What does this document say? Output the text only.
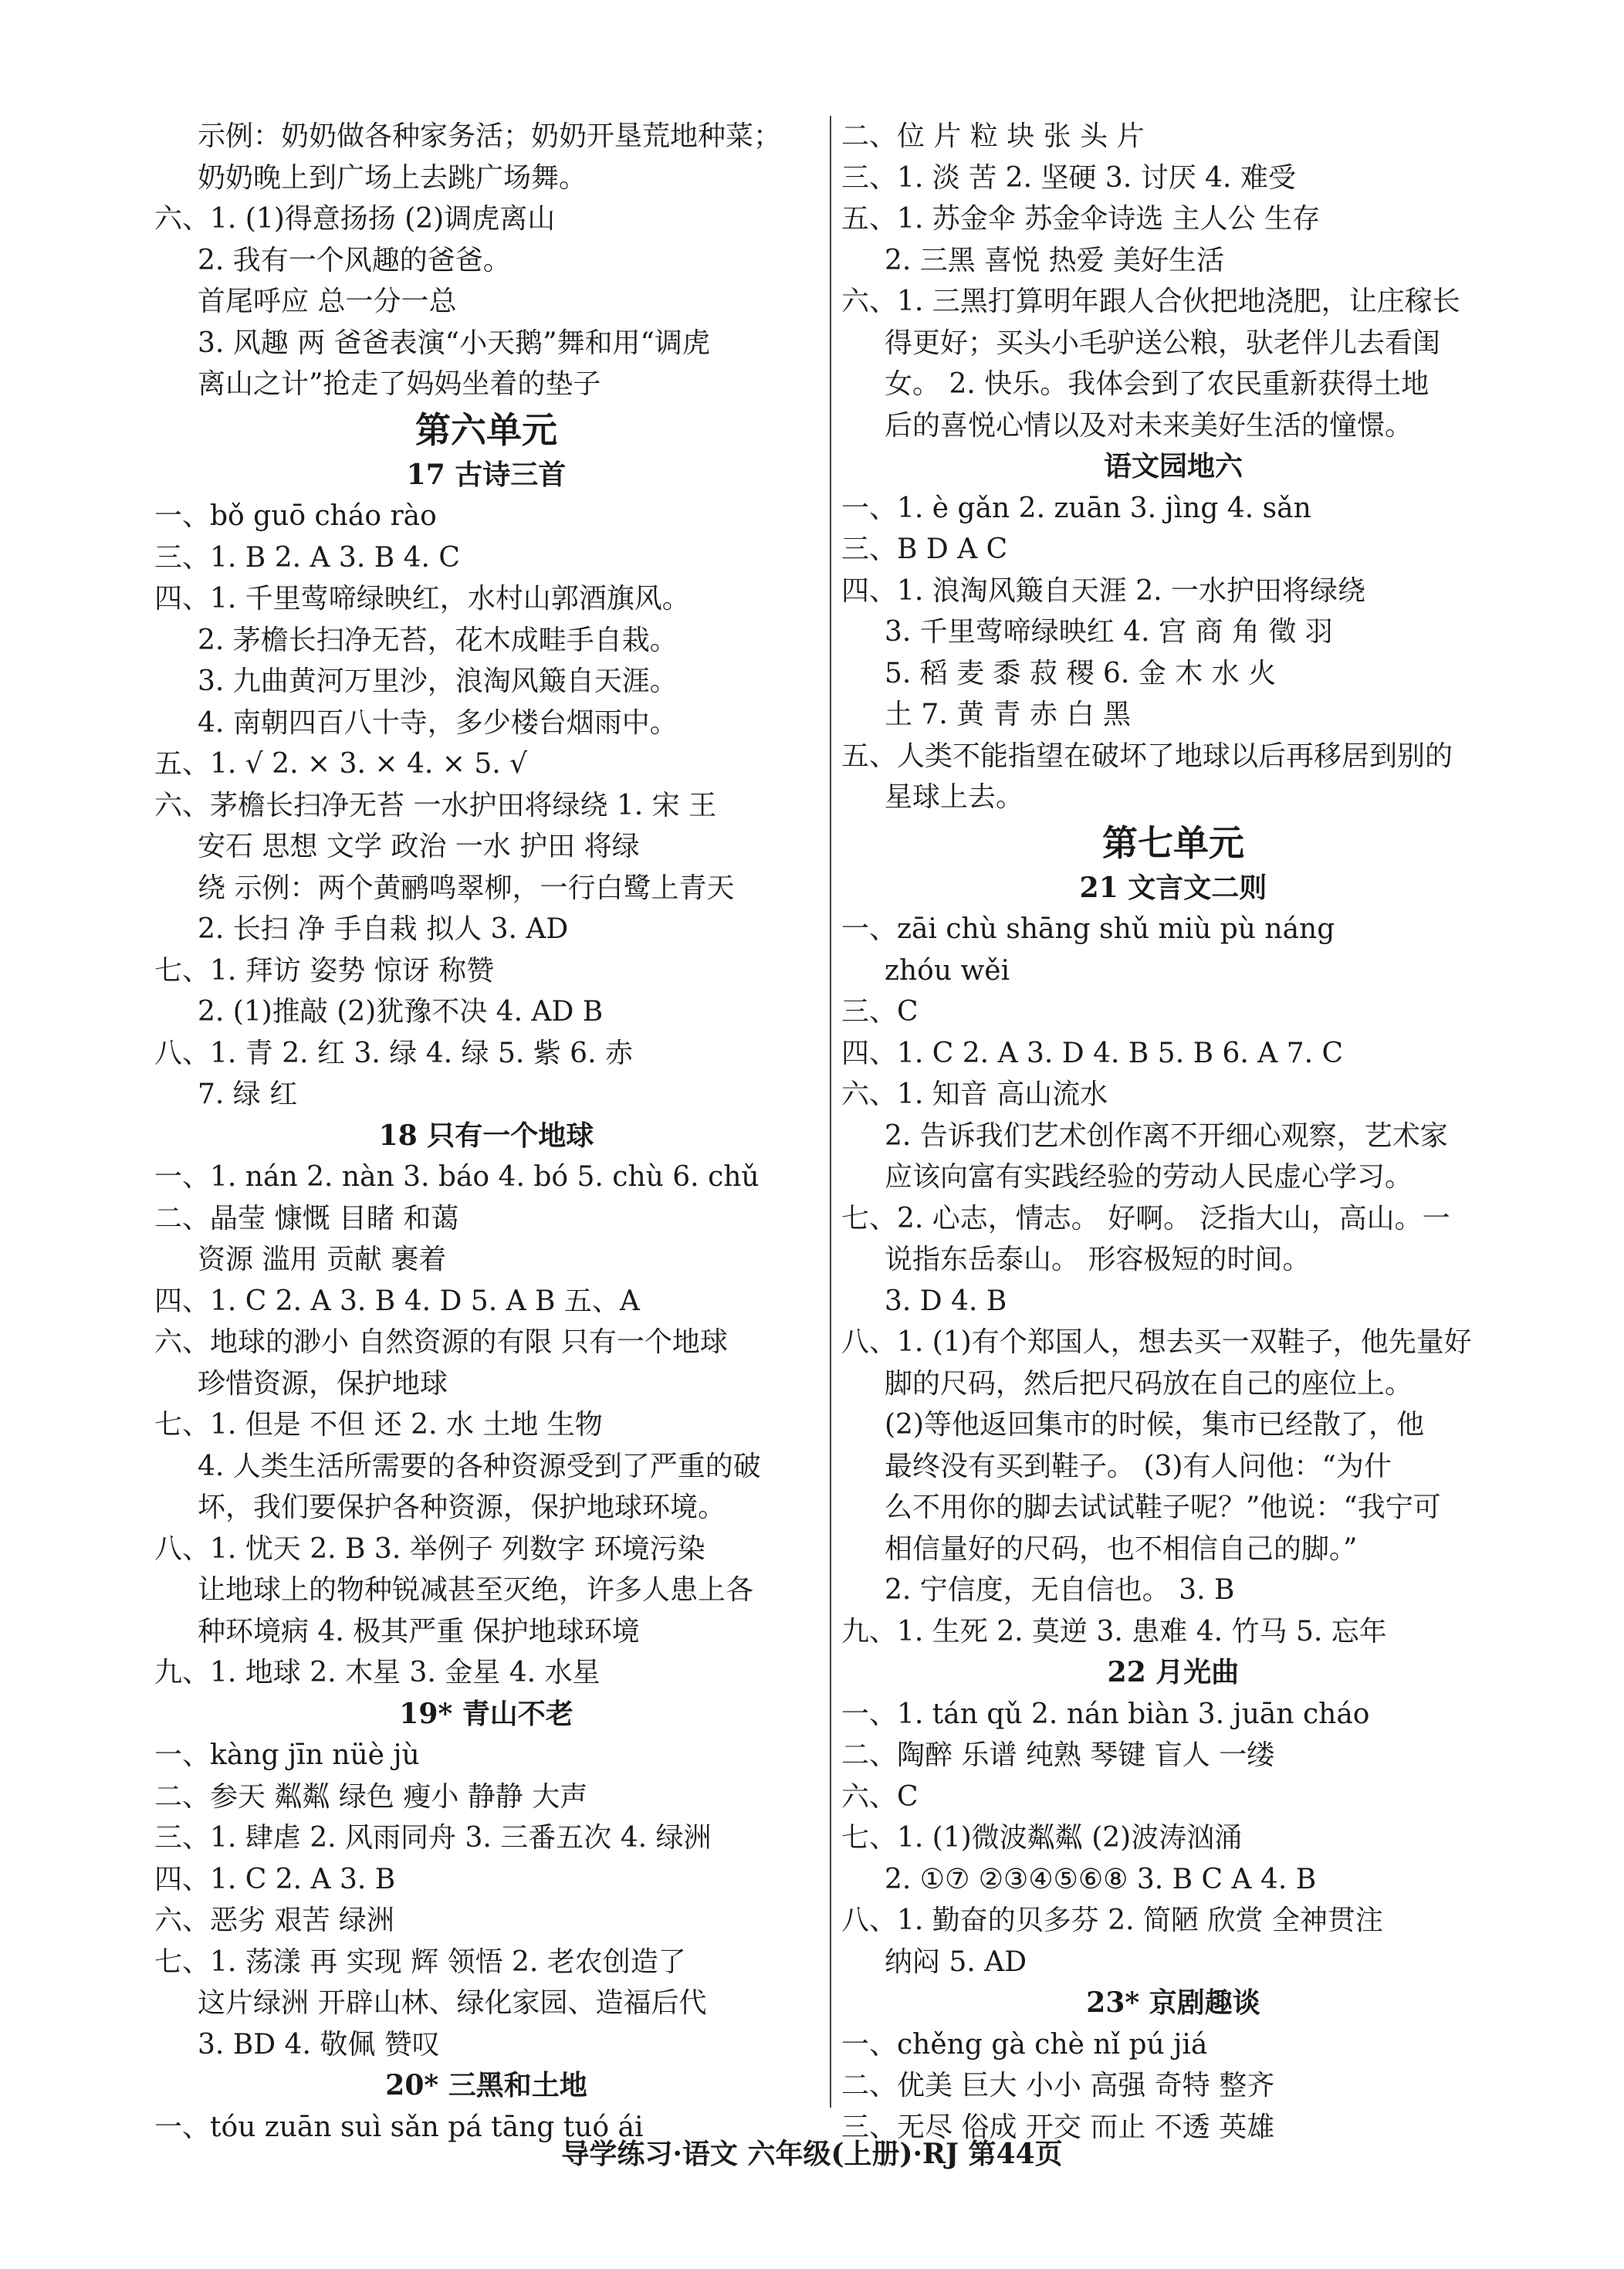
示例：奶奶做各种家务活；奶奶开垦荒地种菜；
奶奶晚上到广场上去跳广场舞。
六、1. (1)得意扬扬 (2)调虎离山
2. 我有一个风趣的爸爸。
首尾呼应 总一分一总
3. 风趣 两 爸爸表演“小天鹅”舞和用“调虎
离山之计”抢走了妈妈坐着的垫子
第六单元
17 古诗三首
一、bǒ guō cháo rào
三、1. B 2. A 3. B 4. C
四、1. 千里莺啼绿映红，水村山郭酒旗风。
2. 茅檐长扫净无苔，花木成畦手自栽。
3. 九曲黄河万里沙，浪淘风簸自天涯。
4. 南朝四百八十寺，多少楼台烟雨中。
五、1. √ 2. × 3. × 4. × 5. √
六、茅檐长扫净无苔 一水护田将绿绕 1. 宋 王
安石 思想 文学 政治 一水 护田 将绿
绕 示例：两个黄鹂鸣翠柳，一行白鹭上青天
2. 长扫 净 手自栽 拟人 3. AD
七、1. 拜访 姿势 惊讶 称赞
2. (1)推敲 (2)犹豫不决 4. AD B
八、1. 青 2. 红 3. 绿 4. 绿 5. 紫 6. 赤
7. 绿 红
18 只有一个地球
一、1. nán 2. nàn 3. báo 4. bó 5. chù 6. chǔ
二、晶莹 慷慨 目睹 和蔼
资源 滥用 贡献 裹着
四、1. C 2. A 3. B 4. D 5. A B 五、A
六、地球的渺小 自然资源的有限 只有一个地球
珍惜资源，保护地球
七、1. 但是 不但 还 2. 水 土地 生物
4. 人类生活所需要的各种资源受到了严重的破
坏，我们要保护各种资源，保护地球环境。
八、1. 忧天 2. B 3. 举例子 列数字 环境污染
让地球上的物种锐减甚至灭绝，许多人患上各
种环境病 4. 极其严重 保护地球环境
九、1. 地球 2. 木星 3. 金星 4. 水星
19* 青山不老
一、kàng jīn nüè jù
二、参天 粼粼 绿色 瘦小 静静 大声
三、1. 肆虐 2. 风雨同舟 3. 三番五次 4. 绿洲
四、1. C 2. A 3. B
六、恶劣 艰苦 绿洲
七、1. 荡漾 再 实现 辉 领悟 2. 老农创造了
这片绿洲 开辟山林、绿化家园、造福后代
3. BD 4. 敬佩 赞叹
20* 三黑和土地
一、tóu zuān suì sǎn pá tāng tuó ái
二、位 片 粒 块 张 头 片
三、1. 淡 苦 2. 坚硬 3. 讨厌 4. 难受
五、1. 苏金伞 苏金伞诗选 主人公 生存
2. 三黑 喜悦 热爱 美好生活
六、1. 三黑打算明年跟人合伙把地浇肥，让庄稼长
得更好；买头小毛驴送公粮，驮老伴儿去看闺
女。 2. 快乐。我体会到了农民重新获得土地
后的喜悦心情以及对未来美好生活的憧憬。
语文园地六
一、1. è gǎn 2. zuān 3. jìng 4. sǎn
三、B D A C
四、1. 浪淘风簸自天涯 2. 一水护田将绿绕
3. 千里莺啼绿映红 4. 宫 商 角 徵 羽
5. 稻 麦 黍 菽 稷 6. 金 木 水 火
土 7. 黄 青 赤 白 黑
五、人类不能指望在破坏了地球以后再移居到别的
星球上去。
第七单元
21 文言文二则
一、zāi chù shāng shǔ miù pù náng
zhóu wěi
三、C
四、1. C 2. A 3. D 4. B 5. B 6. A 7. C
六、1. 知音 高山流水
2. 告诉我们艺术创作离不开细心观察，艺术家
应该向富有实践经验的劳动人民虚心学习。
七、2. 心志，情志。 好啊。 泛指大山，高山。一
说指东岳泰山。 形容极短的时间。
3. D 4. B
八、1. (1)有个郑国人，想去买一双鞋子，他先量好
脚的尺码，然后把尺码放在自己的座位上。
(2)等他返回集市的时候，集市已经散了，他
最终没有买到鞋子。 (3)有人问他：“为什
么不用你的脚去试试鞋子呢？”他说：“我宁可
相信量好的尺码，也不相信自己的脚。”
2. 宁信度，无自信也。 3. B
九、1. 生死 2. 莫逆 3. 患难 4. 竹马 5. 忘年
22 月光曲
一、1. tán qǔ 2. nán biàn 3. juān cháo
二、陶醉 乐谱 纯熟 琴键 盲人 一缕
六、C
七、1. (1)微波粼粼 (2)波涛汹涌
2. ①⑦ ②③④⑤⑥⑧ 3. B C A 4. B
八、1. 勤奋的贝多芬 2. 简陋 欣赏 全神贯注
纳闷 5. AD
23* 京剧趣谈
一、chěng gà chè nǐ pú jiá
二、优美 巨大 小小 高强 奇特 整齐
三、无尽 俗成 开交 而止 不透 英雄
导学练习·语文 六年级(上册)·RJ 第44页
